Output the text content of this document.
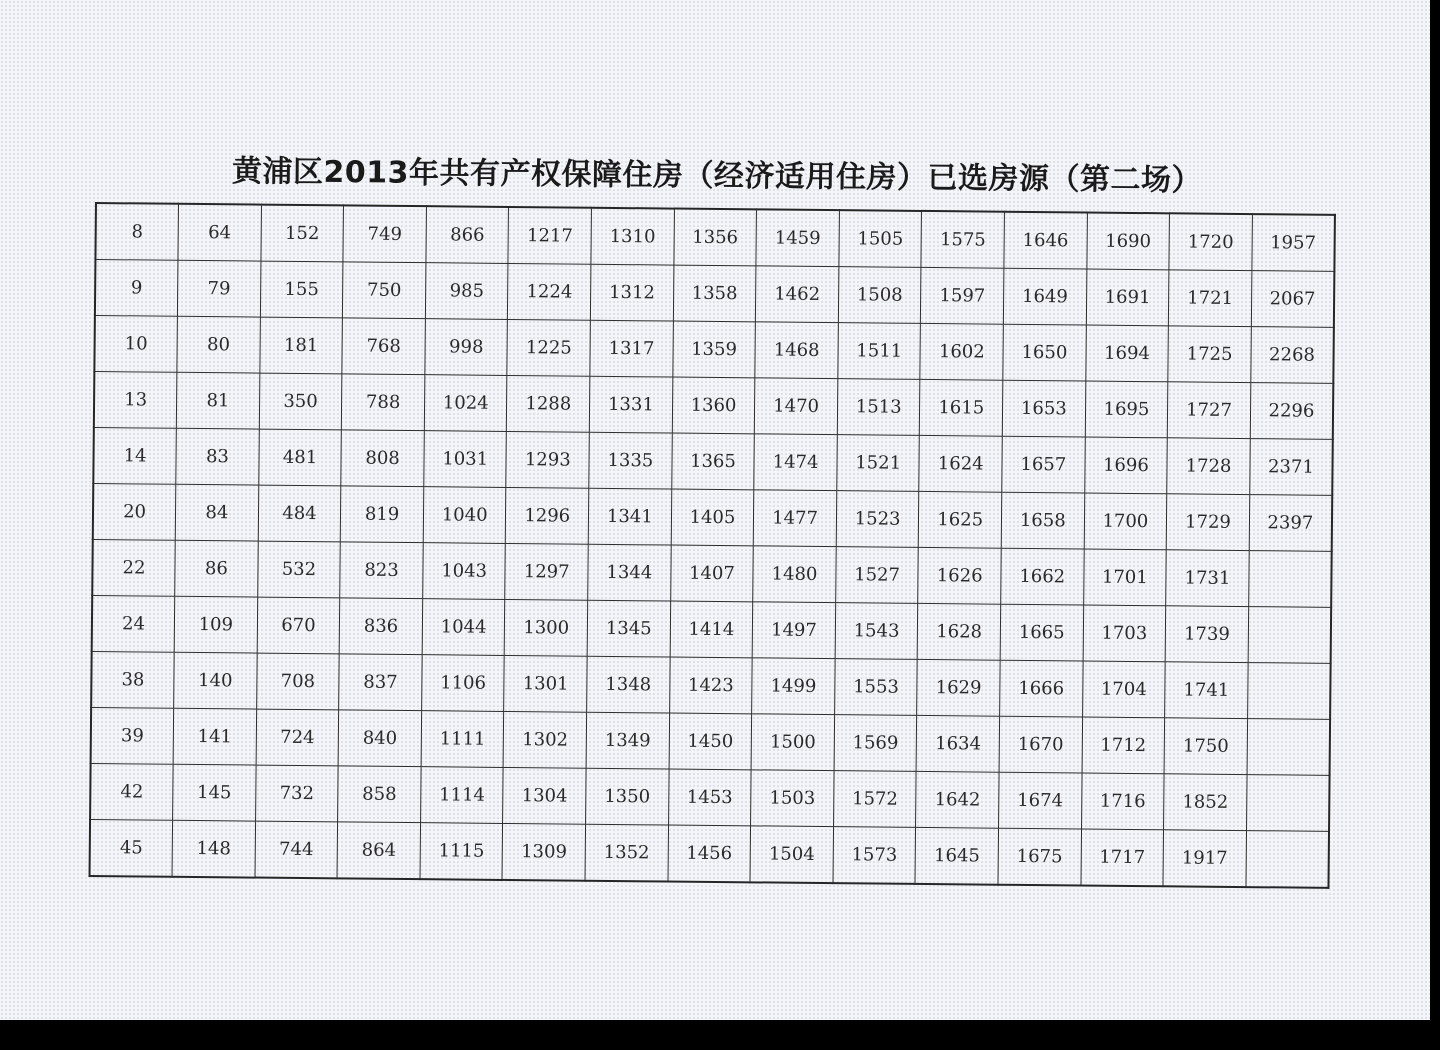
黄浦区2013年共有产权保障住房（经济适用住房）已选房源（第二场）
8	64	152	749	866	1217	1310	1356	1459	1505	1575	1646	1690	1720	1957
9	79	155	750	985	1224	1312	1358	1462	1508	1597	1649	1691	1721	2067
10	80	181	768	998	1225	1317	1359	1468	1511	1602	1650	1694	1725	2268
13	81	350	788	1024	1288	1331	1360	1470	1513	1615	1653	1695	1727	2296
14	83	481	808	1031	1293	1335	1365	1474	1521	1624	1657	1696	1728	2371
20	84	484	819	1040	1296	1341	1405	1477	1523	1625	1658	1700	1729	2397
22	86	532	823	1043	1297	1344	1407	1480	1527	1626	1662	1701	1731	
24	109	670	836	1044	1300	1345	1414	1497	1543	1628	1665	1703	1739	
38	140	708	837	1106	1301	1348	1423	1499	1553	1629	1666	1704	1741	
39	141	724	840	1111	1302	1349	1450	1500	1569	1634	1670	1712	1750	
42	145	732	858	1114	1304	1350	1453	1503	1572	1642	1674	1716	1852	
45	148	744	864	1115	1309	1352	1456	1504	1573	1645	1675	1717	1917	
